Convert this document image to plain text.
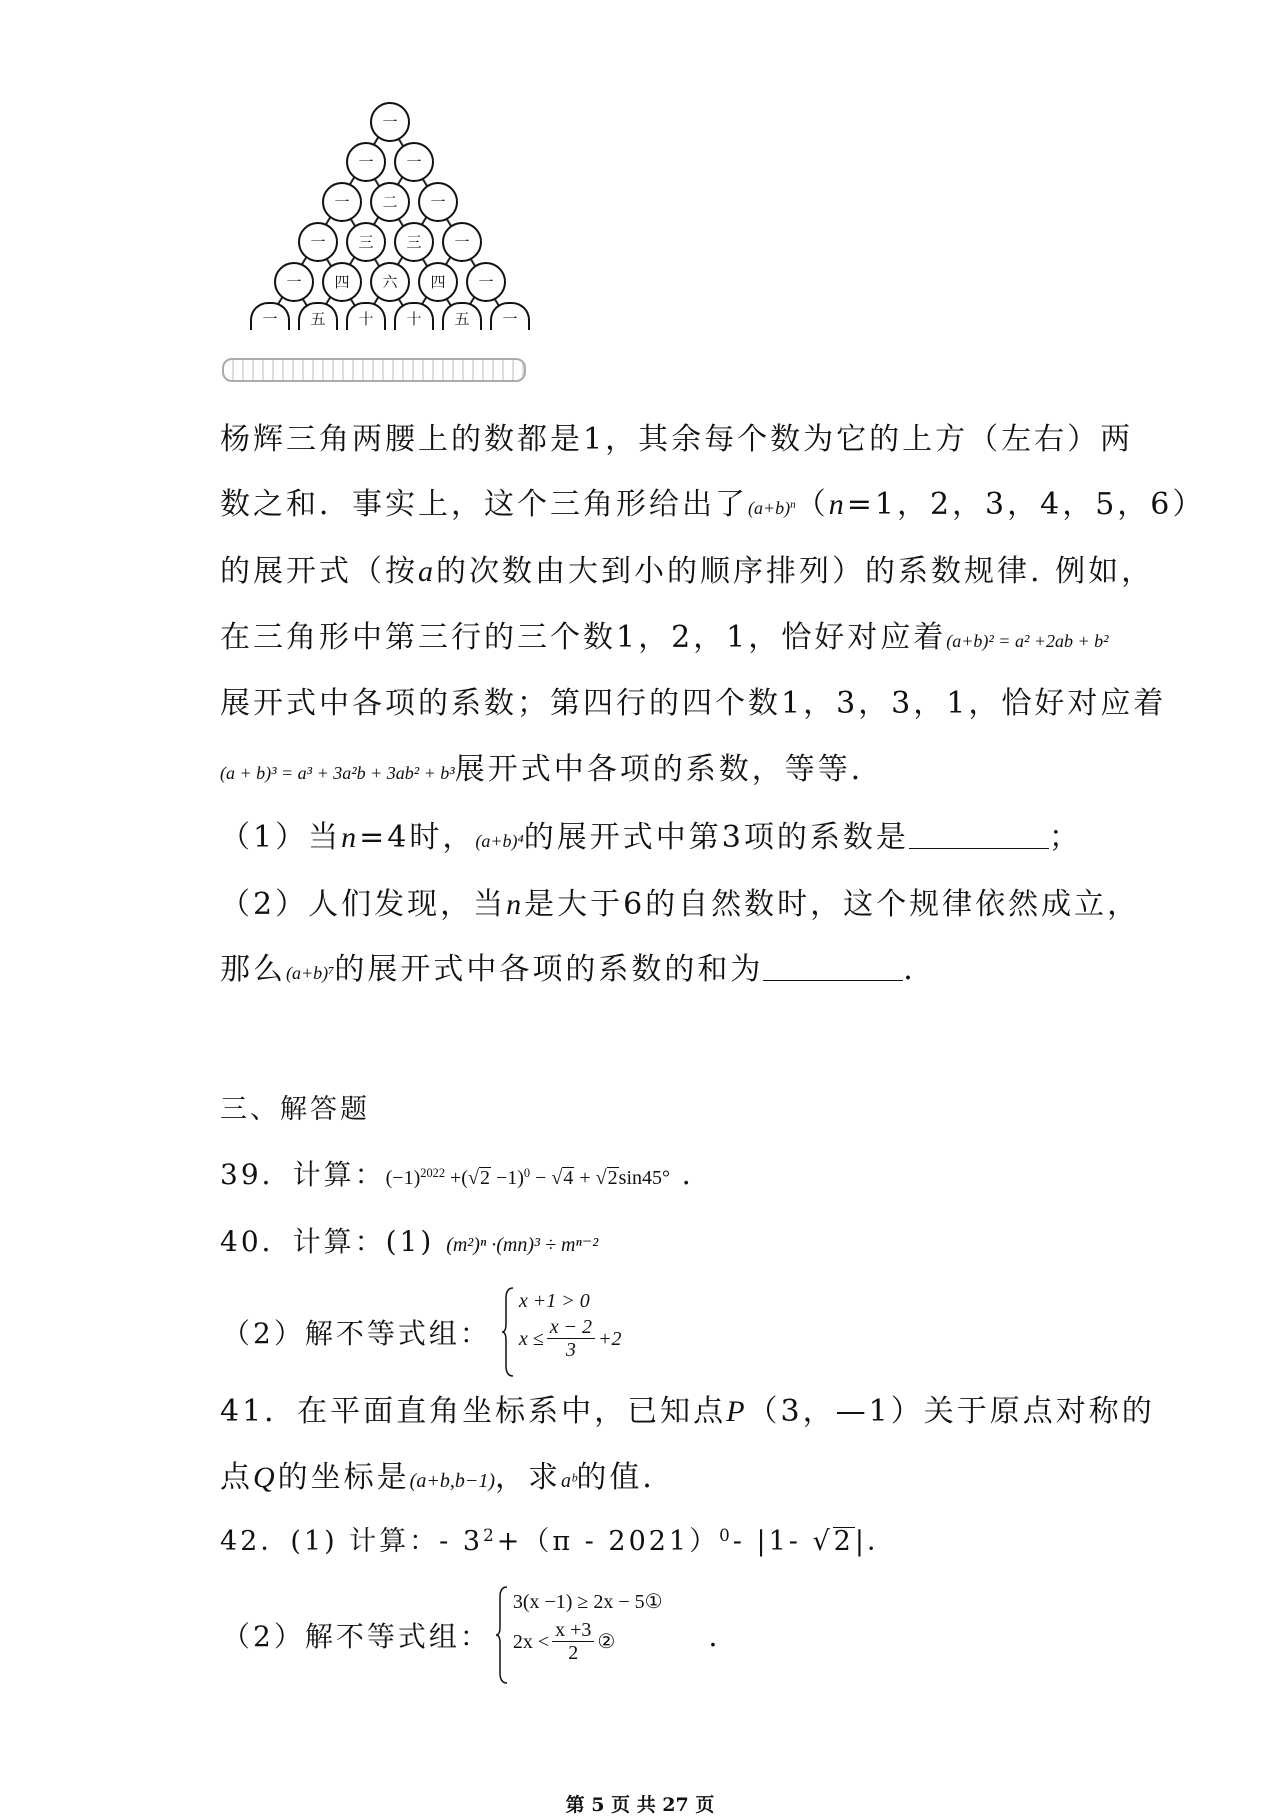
一
一	一
一	二	一
一	三	三	一
一	四	六	四	一
一	五	十	十	五	一
杨辉三角两腰上的数都是1，其余每个数为它的上方（左右）两
数之和．事实上，这个三角形给出了$(a+b)^n(n=1$，2，3，4，5，6）
的展开式（按a的次数由大到小的顺序排列）的系数规律. 例如，
在三角形中第三行的三个数1，2，1，恰好对应着(a+b)² = a² +2ab + b²
展开式中各项的系数；第四行的四个数1，3，3，1，恰好对应着
(a + b)³ = a³ + 3a²b + 3ab² + b³展开式中各项的系数，等等．
（1）当n=4时，(a+b)⁴的展开式中第3项的系数是	；
（2）人们发现，当n是大于6的自然数时，这个规律依然成立，
那么(a+b)⁷的展开式中各项的系数的和为	．
三、解答题
39．计算：$(-1)^{2022} +(√2 -1)^0 - √4 + √2\sin 45^\circ$ ．
40．计算：(1) (m²)ⁿ ·(mn)³ ÷ mⁿ⁻²
（2）解不等式组：
x +1 > 0
$x \le \frac{x - 2}{3} +2$
41．在平面直角坐标系中，已知点P（3，—1）关于原点对称的
点Q的坐标是(a+b,b−1)，求aᵇ的值．
42．(1) 计算：- $3^2+(\pi - 2021)^0-$ |1- √2|．
（2）解不等式组：
3(x −1) ≥ 2x − 5①
$2x < \frac{x +3}{2}$ ②	．
第 5 页 共 27 页
